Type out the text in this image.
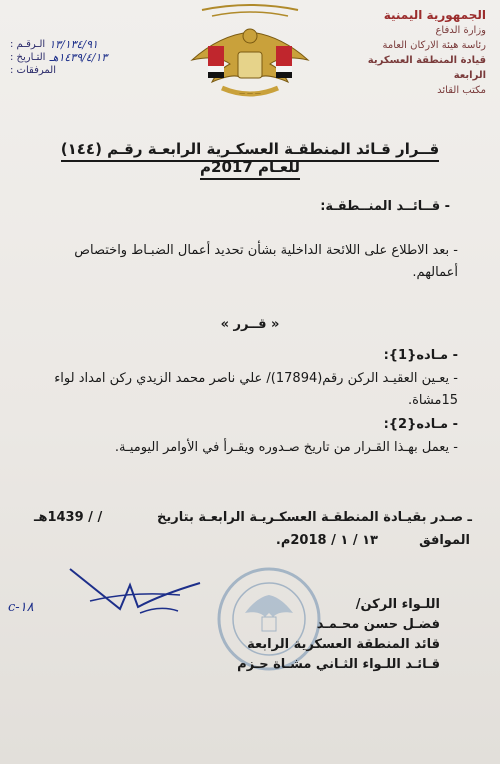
الجمهورية اليمنية
وزارة الدفاع
رئاسة هيئة الاركان العامة
قيادة المنطقة العسكرية الرابعة
مكتب القائد
— — —
١٣/١٣٤/٩١
الـرقـم :
١٤٣٩/٤/١٣هـ
التـاريخ :
المرفقات :
قــرار قـائد المنطقـة العسكـرية الرابعـة رقـم (١٤٤) للعـام 2017م
- قــائــد المنــطقـة:
- بعد الاطلاع على اللائحة الداخلية بشأن تحديد أعمال الضبـاط واختصاص أعمالهم.
« قــرر »
- مـاده{1}:
- يعـين العقيـد الركن رقم(17894)/ علي ناصر محمد الزيدي ركن امداد لواء 15مشاة.
- مـاده{2}:
- يعمل بهـذا القـرار من تاريخ صـدوره ويقـرأ في الأوامر اليوميـة.
ـ صـدر بقيـادة المنطقـة العسكـريـة الرابعـة بتاريخ
/ / 1439هـ
الموافق
١٣ / ١ / 2018م.
c-۱۸	اللـواء الركن/
فضـل حسن محـمـد
قائد المنطقة العسكرية الرابعة
قـائـد اللـواء الثـاني مشـاة حـزم
